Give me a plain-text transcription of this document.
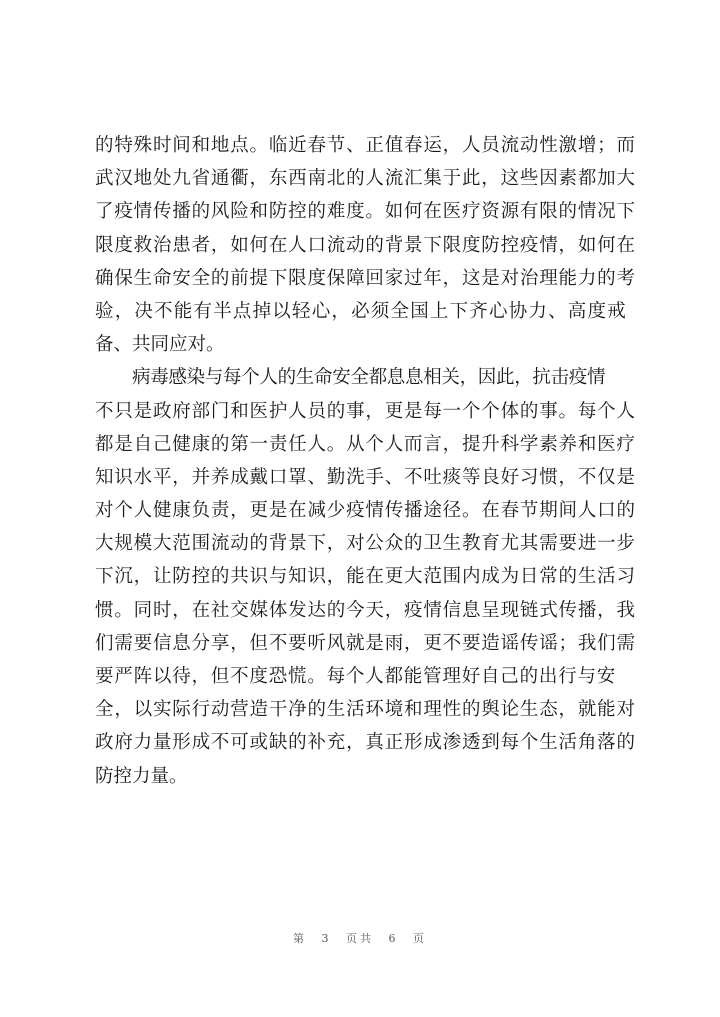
的特殊时间和地点。临近春节、正值春运，人员流动性激增；而
武汉地处九省通衢，东西南北的人流汇集于此，这些因素都加大
了疫情传播的风险和防控的难度。如何在医疗资源有限的情况下
限度救治患者，如何在人口流动的背景下限度防控疫情，如何在
确保生命安全的前提下限度保障回家过年，这是对治理能力的考
验，决不能有半点掉以轻心，必须全国上下齐心协力、高度戒
备、共同应对。
病毒感染与每个人的生命安全都息息相关，因此，抗击疫情
不只是政府部门和医护人员的事，更是每一个个体的事。每个人
都是自己健康的第一责任人。从个人而言，提升科学素养和医疗
知识水平，并养成戴口罩、勤洗手、不吐痰等良好习惯，不仅是
对个人健康负责，更是在减少疫情传播途径。在春节期间人口的
大规模大范围流动的背景下，对公众的卫生教育尤其需要进一步
下沉，让防控的共识与知识，能在更大范围内成为日常的生活习
惯。同时，在社交媒体发达的今天，疫情信息呈现链式传播，我
们需要信息分享，但不要听风就是雨，更不要造谣传谣；我们需
要严阵以待，但不度恐慌。每个人都能管理好自己的出行与安
全，以实际行动营造干净的生活环境和理性的舆论生态，就能对
政府力量形成不可或缺的补充，真正形成渗透到每个生活角落的
防控力量。
第 3 页共 6 页
